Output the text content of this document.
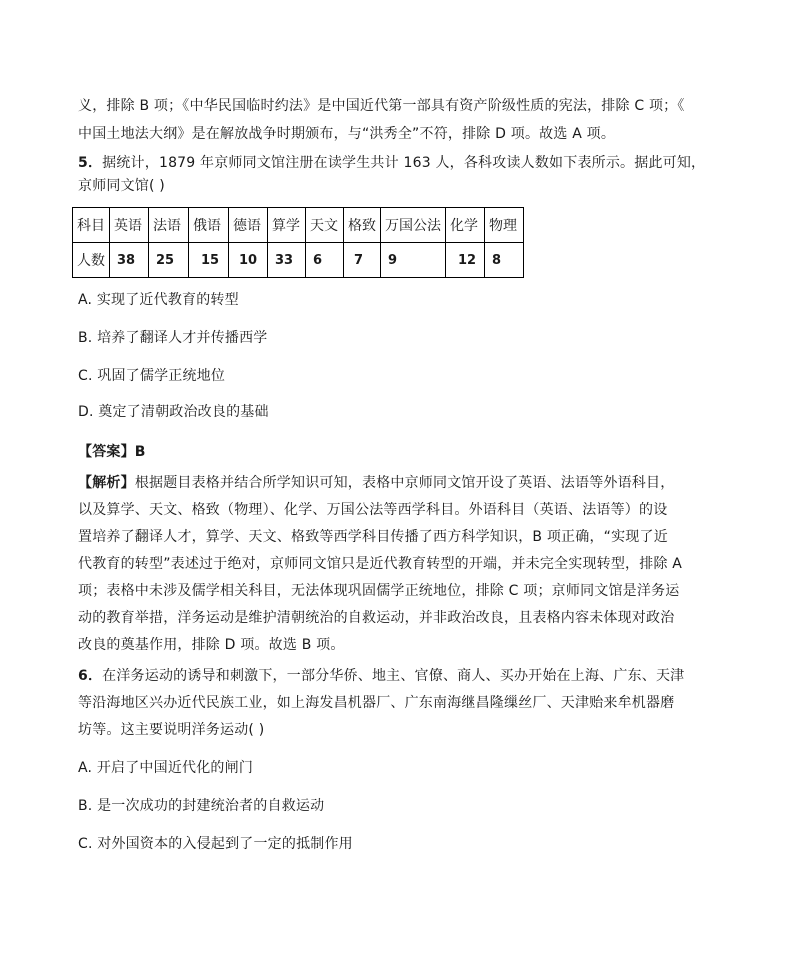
义，排除 B 项；《中华民国临时约法》是中国近代第一部具有资产阶级性质的宪法，排除 C 项；《
中国土地法大纲》是在解放战争时期颁布，与“洪秀全”不符，排除 D 项。故选 A 项。
5．据统计，1879 年京师同文馆注册在读学生共计 163 人，各科攻读人数如下表所示。据此可知，
京师同文馆( )
科目	英语	法语	俄语	德语	算学	天文	格致	万国公法	化学	物理
人数	38	25	15	10	33	6	7	9	12	8
A. 实现了近代教育的转型
B. 培养了翻译人才并传播西学
C. 巩固了儒学正统地位
D. 奠定了清朝政治改良的基础
【答案】B
【解析】根据题目表格并结合所学知识可知，表格中京师同文馆开设了英语、法语等外语科目，
以及算学、天文、格致（物理）、化学、万国公法等西学科目。外语科目（英语、法语等）的设
置培养了翻译人才，算学、天文、格致等西学科目传播了西方科学知识，B 项正确，“实现了近
代教育的转型”表述过于绝对，京师同文馆只是近代教育转型的开端，并未完全实现转型，排除 A
项；表格中未涉及儒学相关科目，无法体现巩固儒学正统地位，排除 C 项；京师同文馆是洋务运
动的教育举措，洋务运动是维护清朝统治的自救运动，并非政治改良，且表格内容未体现对政治
改良的奠基作用，排除 D 项。故选 B 项。
6．在洋务运动的诱导和刺激下，一部分华侨、地主、官僚、商人、买办开始在上海、广东、天津
等沿海地区兴办近代民族工业，如上海发昌机器厂、广东南海继昌隆缫丝厂、天津贻来牟机器磨
坊等。这主要说明洋务运动( )
A. 开启了中国近代化的闸门
B. 是一次成功的封建统治者的自救运动
C. 对外国资本的入侵起到了一定的抵制作用
